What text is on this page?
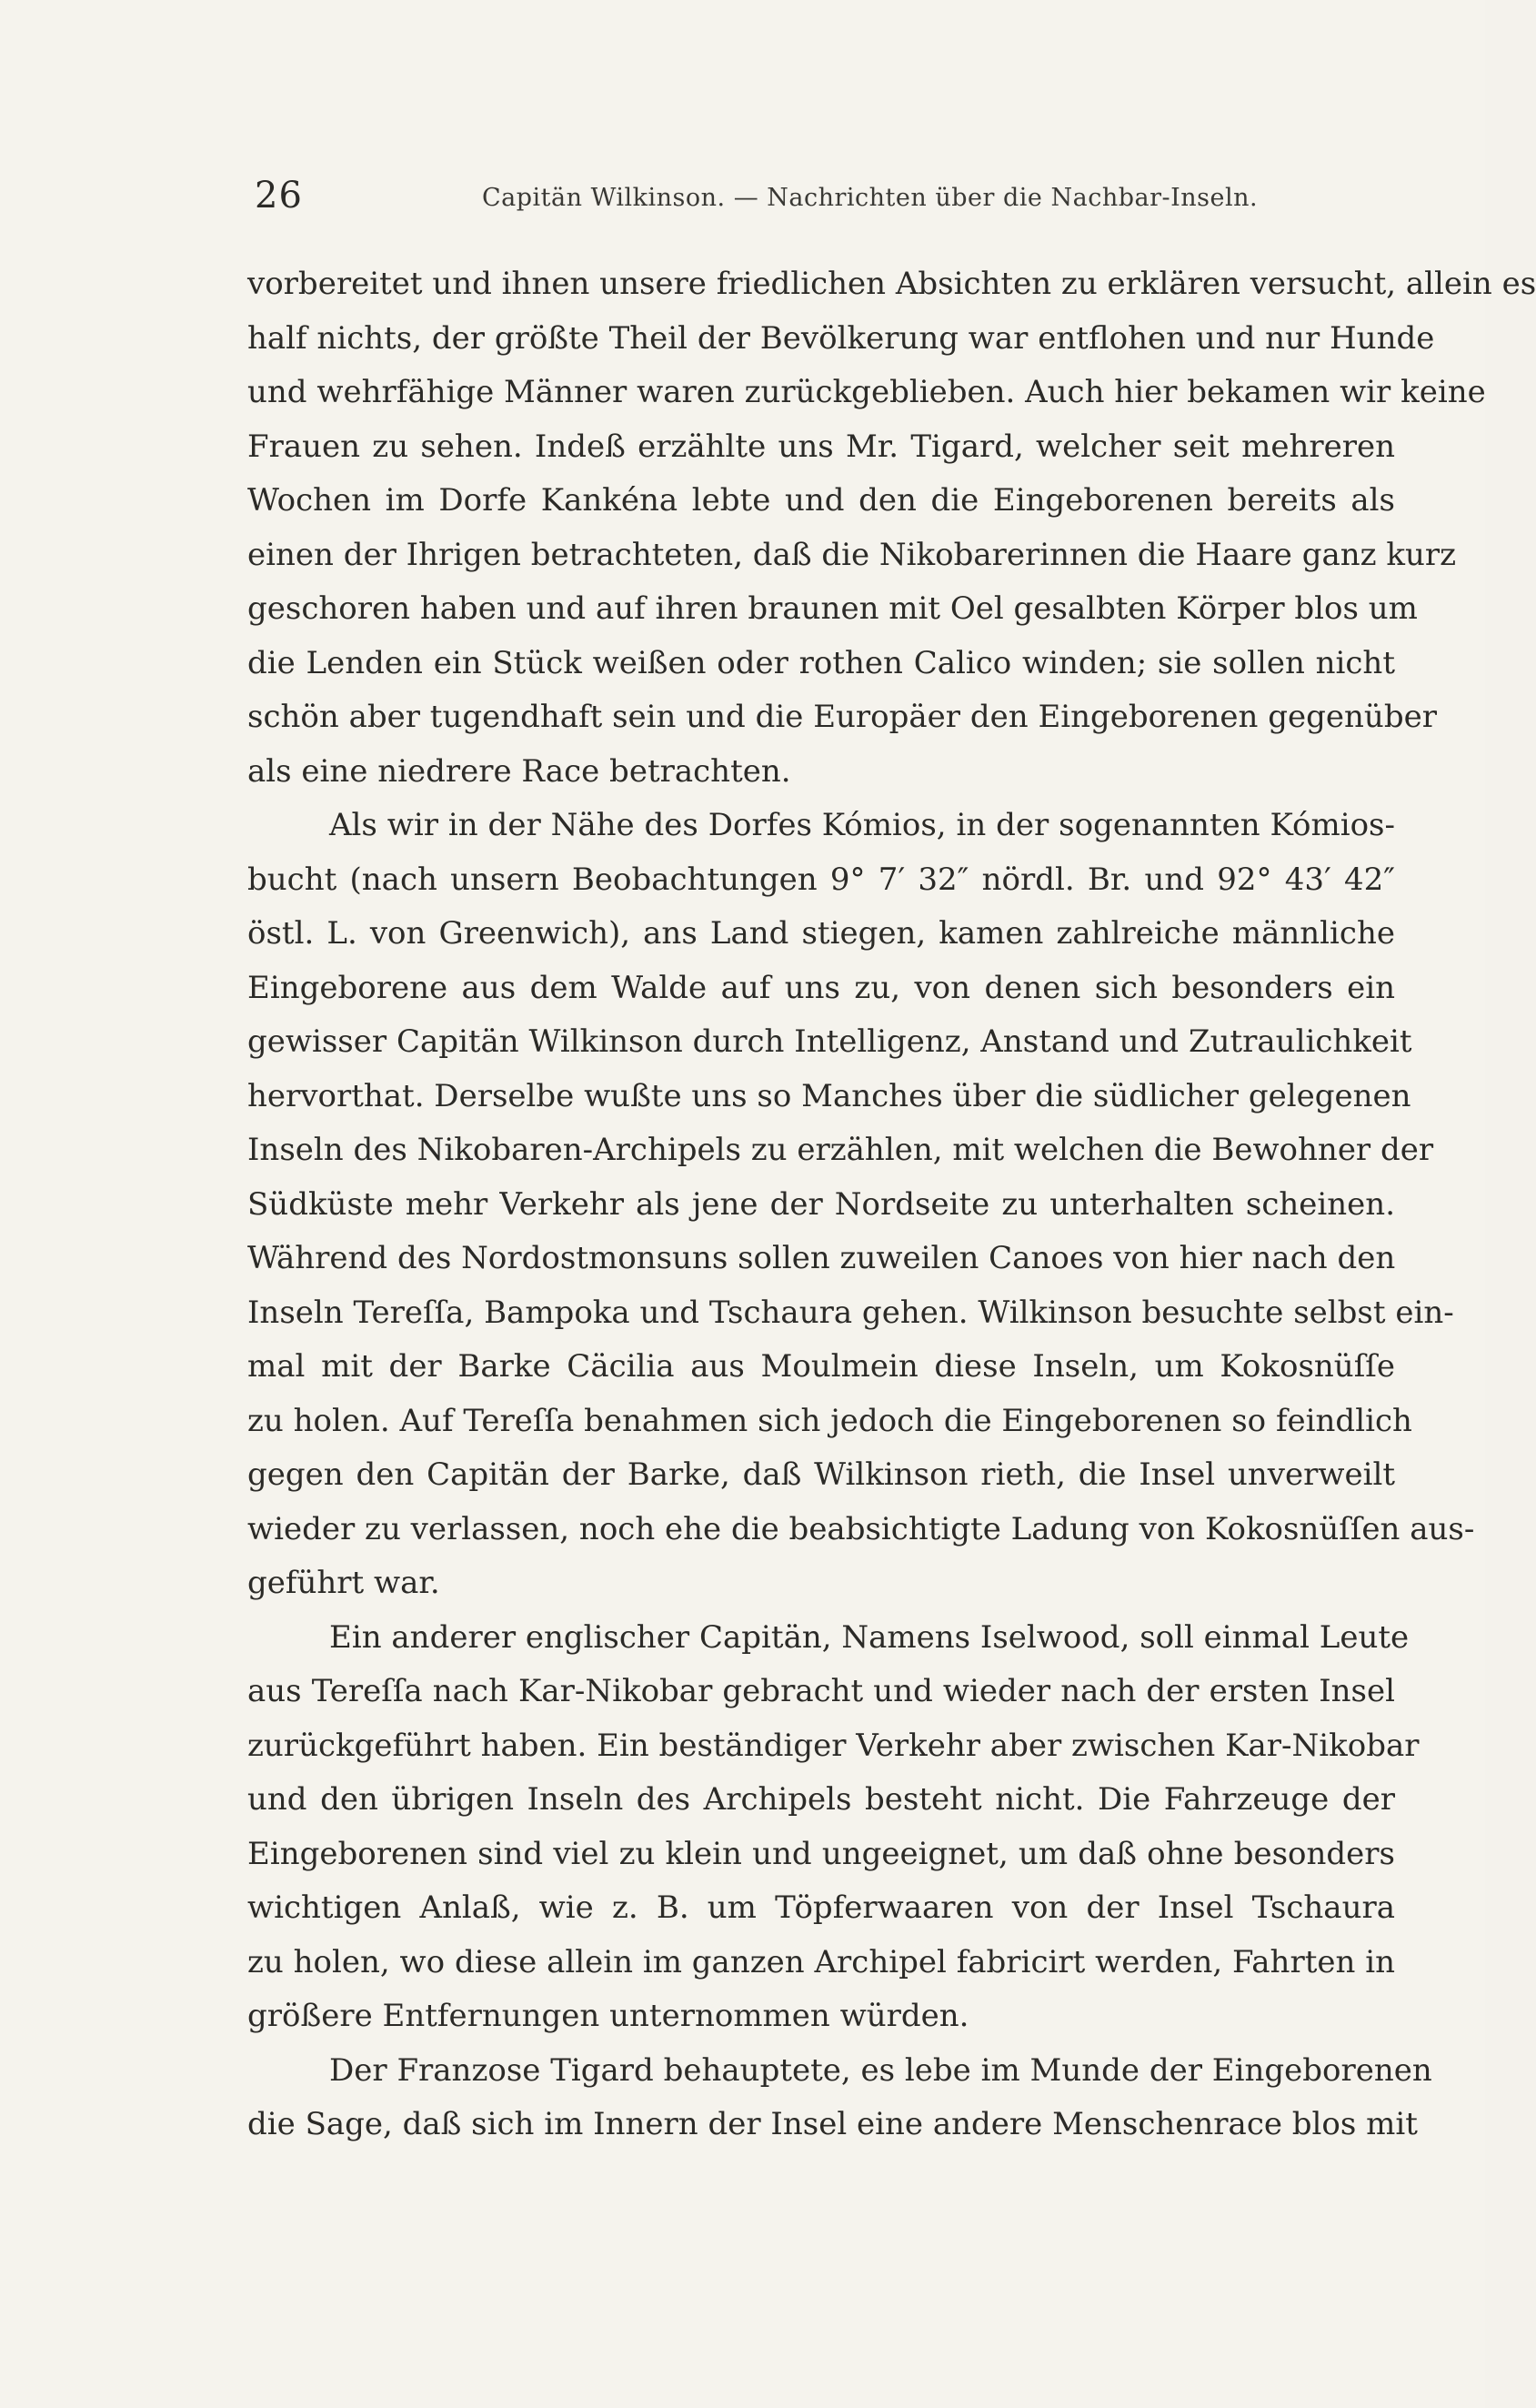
26	Capitän Wilkinson. — Nachrichten über die Nachbar-Inseln.
vorbereitet und ihnen unsere friedlichen Absichten zu erklären versucht, allein es
half nichts, der größte Theil der Bevölkerung war entflohen und nur Hunde
und wehrfähige Männer waren zurückgeblieben. Auch hier bekamen wir keine
Frauen zu sehen. Indeß erzählte uns Mr. Tigard, welcher seit mehreren
Wochen im Dorfe Kankéna lebte und den die Eingeborenen bereits als
einen der Ihrigen betrachteten, daß die Nikobarerinnen die Haare ganz kurz
geschoren haben und auf ihren braunen mit Oel gesalbten Körper blos um
die Lenden ein Stück weißen oder rothen Calico winden; sie sollen nicht
schön aber tugendhaft sein und die Europäer den Eingeborenen gegenüber
als eine niedrere Race betrachten.
Als wir in der Nähe des Dorfes Kómios, in der sogenannten Kómios-
bucht (nach unsern Beobachtungen 9° 7′ 32″ nördl. Br. und 92° 43′ 42″
östl. L. von Greenwich), ans Land stiegen, kamen zahlreiche männliche
Eingeborene aus dem Walde auf uns zu, von denen sich besonders ein
gewisser Capitän Wilkinson durch Intelligenz, Anstand und Zutraulichkeit
hervorthat. Derselbe wußte uns so Manches über die südlicher gelegenen
Inseln des Nikobaren-Archipels zu erzählen, mit welchen die Bewohner der
Südküste mehr Verkehr als jene der Nordseite zu unterhalten scheinen.
Während des Nordostmonsuns sollen zuweilen Canoes von hier nach den
Inseln Tereſſa, Bampoka und Tschaura gehen. Wilkinson besuchte selbst ein-
mal mit der Barke Cäcilia aus Moulmein diese Inseln, um Kokosnüſſe
zu holen. Auf Tereſſa benahmen sich jedoch die Eingeborenen so feindlich
gegen den Capitän der Barke, daß Wilkinson rieth, die Insel unverweilt
wieder zu verlassen, noch ehe die beabsichtigte Ladung von Kokosnüſſen aus-
geführt war.
Ein anderer englischer Capitän, Namens Iselwood, soll einmal Leute
aus Tereſſa nach Kar-Nikobar gebracht und wieder nach der ersten Insel
zurückgeführt haben. Ein beständiger Verkehr aber zwischen Kar-Nikobar
und den übrigen Inseln des Archipels besteht nicht. Die Fahrzeuge der
Eingeborenen sind viel zu klein und ungeeignet, um daß ohne besonders
wichtigen Anlaß, wie z. B. um Töpferwaaren von der Insel Tschaura
zu holen, wo diese allein im ganzen Archipel fabricirt werden, Fahrten in
größere Entfernungen unternommen würden.
Der Franzose Tigard behauptete, es lebe im Munde der Eingeborenen
die Sage, daß sich im Innern der Insel eine andere Menschenrace blos mit
